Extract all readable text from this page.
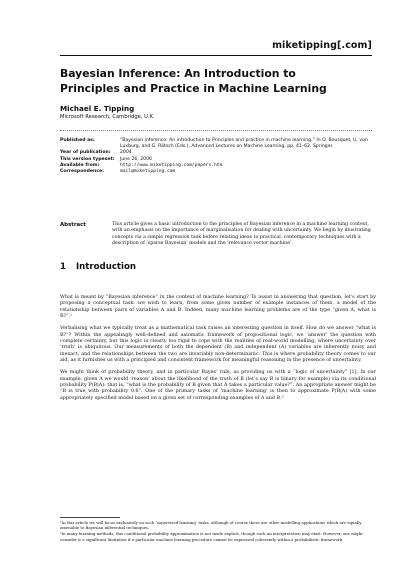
miketipping[.com]
Bayesian Inference: An Introduction to
Principles and Practice in Machine Learning
Michael E. Tipping
Microsoft Research, Cambridge, U.K.
Published as:	“Bayesian inference: An introduction to Principles and practice in machine learning.” In O. Bousquet, U. von Luxburg, and G. Rätsch (Eds.), Advanced Lectures on Machine Learning, pp. 41–62. Springer.
Year of publication:	2004
This version typeset:	June 26, 2006
Available from:	http://www.miketipping.com/papers.htm
Correspondence:	mail@miketipping.com
Abstract	This article gives a basic introduction to the principles of Bayesian inference in a machine learning context, with an emphasis on the importance of marginalisation for dealing with uncertainty. We begin by illustrating concepts via a simple regression task before relating ideas to practical, contemporary techniques with a description of ‘sparse Bayesian’ models and the ‘relevance vector machine’.
1 Introduction

What is meant by “Bayesian inference” in the context of machine learning? To assist in answering that question, let’s start by proposing a conceptual task: we wish to learn, from some given number of example instances of them, a model of the relationship between pairs of variables A and B. Indeed, many machine learning problems are of the type “given A, what is B?”.¹

Verbalising what we typically treat as a mathematical task raises an interesting question in itself. How do we answer “what is B?”? Within the appealingly well-defined and axiomatic framework of propositional logic, we ‘answer’ the question with complete certainty, but this logic is clearly too rigid to cope with the realities of real-world modelling, where uncertainty over ‘truth’ is ubiquitous. Our measurements of both the dependent (B) and independent (A) variables are inherently noisy and inexact, and the relationships between the two are invariably non-deterministic. This is where probability theory comes to our aid, as it furnishes us with a principled and consistent framework for meaningful reasoning in the presence of uncertainty.

We might think of probability theory, and in particular Bayes’ rule, as providing us with a “logic of uncertainty” [1]. In our example, given A we would ‘reason’ about the likelihood of the truth of B (let’s say B is binary for example) via its conditional probability P(B|A): that is, “what is the probability of B given that A takes a particular value?”. An appropriate answer might be “B is true with probability 0.6”. One of the primary tasks of ‘machine learning’ is then to approximate P(B|A) with some appropriately specified model based on a given set of corresponding examples of A and B.²

¹In this article we will focus exclusively on such ‘supervised learning’ tasks, although of course there are other modelling applications which are equally amenable to Bayesian inferential techniques.

²In many learning methods, this conditional probability approximation is not made explicit, though such an interpretation may exist. However, one might consider it a significant limitation if a particular machine learning procedure cannot be expressed coherently within a probabilistic framework.
